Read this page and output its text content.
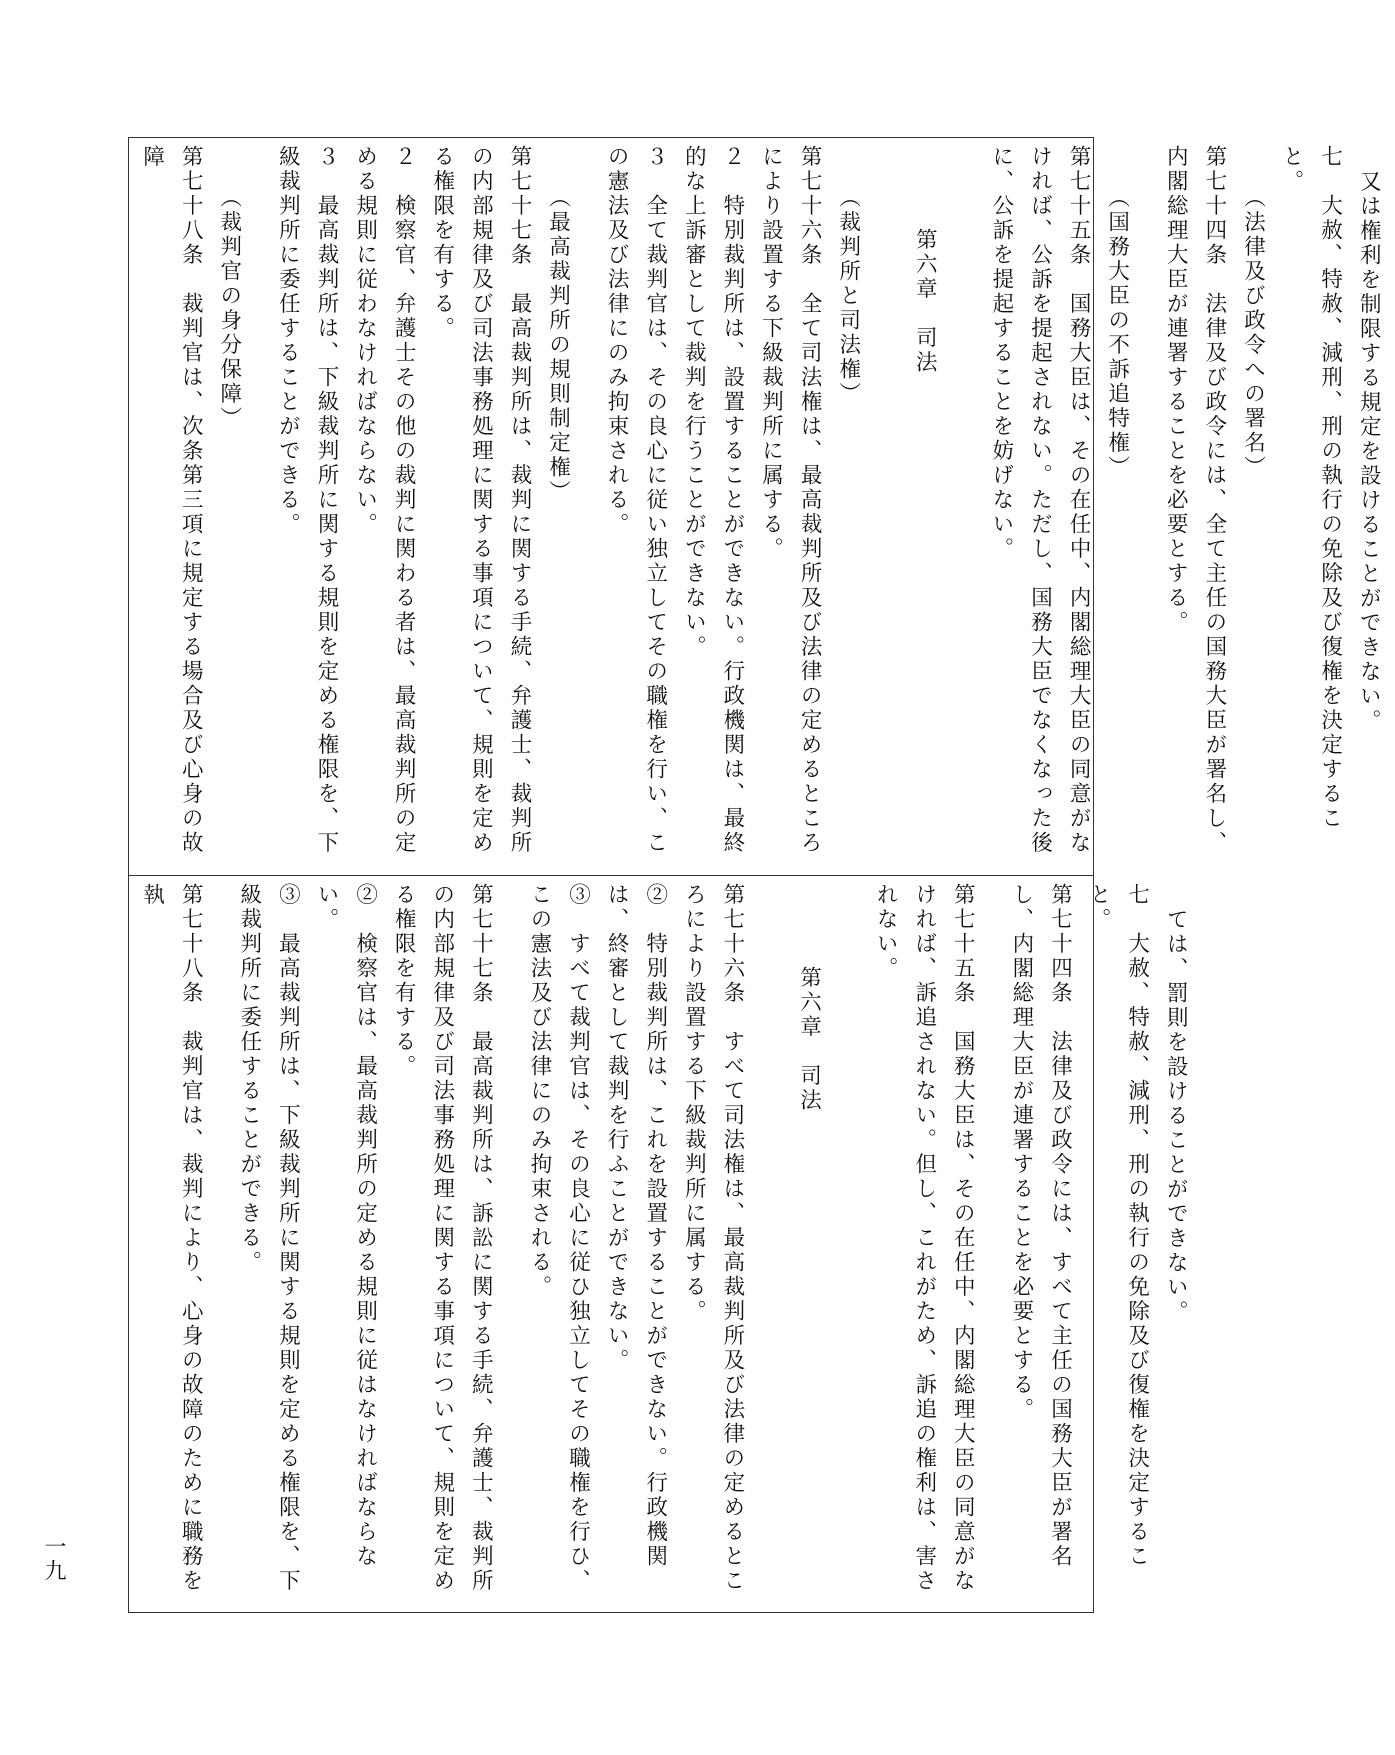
又は権利を制限する規定を設けることができない。

七　大赦、特赦、減刑、刑の執行の免除及び復権を決定すること。

（法律及び政令への署名）

第七十四条　法律及び政令には、全て主任の国務大臣が署名し、内閣総理大臣が連署することを必要とする。

（国務大臣の不訴追特権）

第七十五条　国務大臣は、その在任中、内閣総理大臣の同意がなければ、公訴を提起されない。ただし、国務大臣でなくなった後に、公訴を提起することを妨げない。

第六章　司法

（裁判所と司法権）

第七十六条　全て司法権は、最高裁判所及び法律の定めるところにより設置する下級裁判所に属する。

２　特別裁判所は、設置することができない。行政機関は、最終的な上訴審として裁判を行うことができない。

３　全て裁判官は、その良心に従い独立してその職権を行い、この憲法及び法律にのみ拘束される。

（最高裁判所の規則制定権）

第七十七条　最高裁判所は、裁判に関する手続、弁護士、裁判所の内部規律及び司法事務処理に関する事項について、規則を定める権限を有する。

２　検察官、弁護士その他の裁判に関わる者は、最高裁判所の定める規則に従わなければならない。

３　最高裁判所は、下級裁判所に関する規則を定める権限を、下級裁判所に委任することができる。

（裁判官の身分保障）

第七十八条　裁判官は、次条第三項に規定する場合及び心身の故障

ては、罰則を設けることができない。

七　大赦、特赦、減刑、刑の執行の免除及び復権を決定すること。

第七十四条　法律及び政令には、すべて主任の国務大臣が署名し、内閣総理大臣が連署することを必要とする。

第七十五条　国務大臣は、その在任中、内閣総理大臣の同意がなければ、訴追されない。但し、これがため、訴追の権利は、害されない。

第六章　司法

第七十六条　すべて司法権は、最高裁判所及び法律の定めるところにより設置する下級裁判所に属する。

②　特別裁判所は、これを設置することができない。行政機関は、終審として裁判を行ふことができない。

③　すべて裁判官は、その良心に従ひ独立してその職権を行ひ、この憲法及び法律にのみ拘束される。

第七十七条　最高裁判所は、訴訟に関する手続、弁護士、裁判所の内部規律及び司法事務処理に関する事項について、規則を定める権限を有する。

②　検察官は、最高裁判所の定める規則に従はなければならない。

③　最高裁判所は、下級裁判所に関する規則を定める権限を、下級裁判所に委任することができる。

第七十八条　裁判官は、裁判により、心身の故障のために職務を執

一九
